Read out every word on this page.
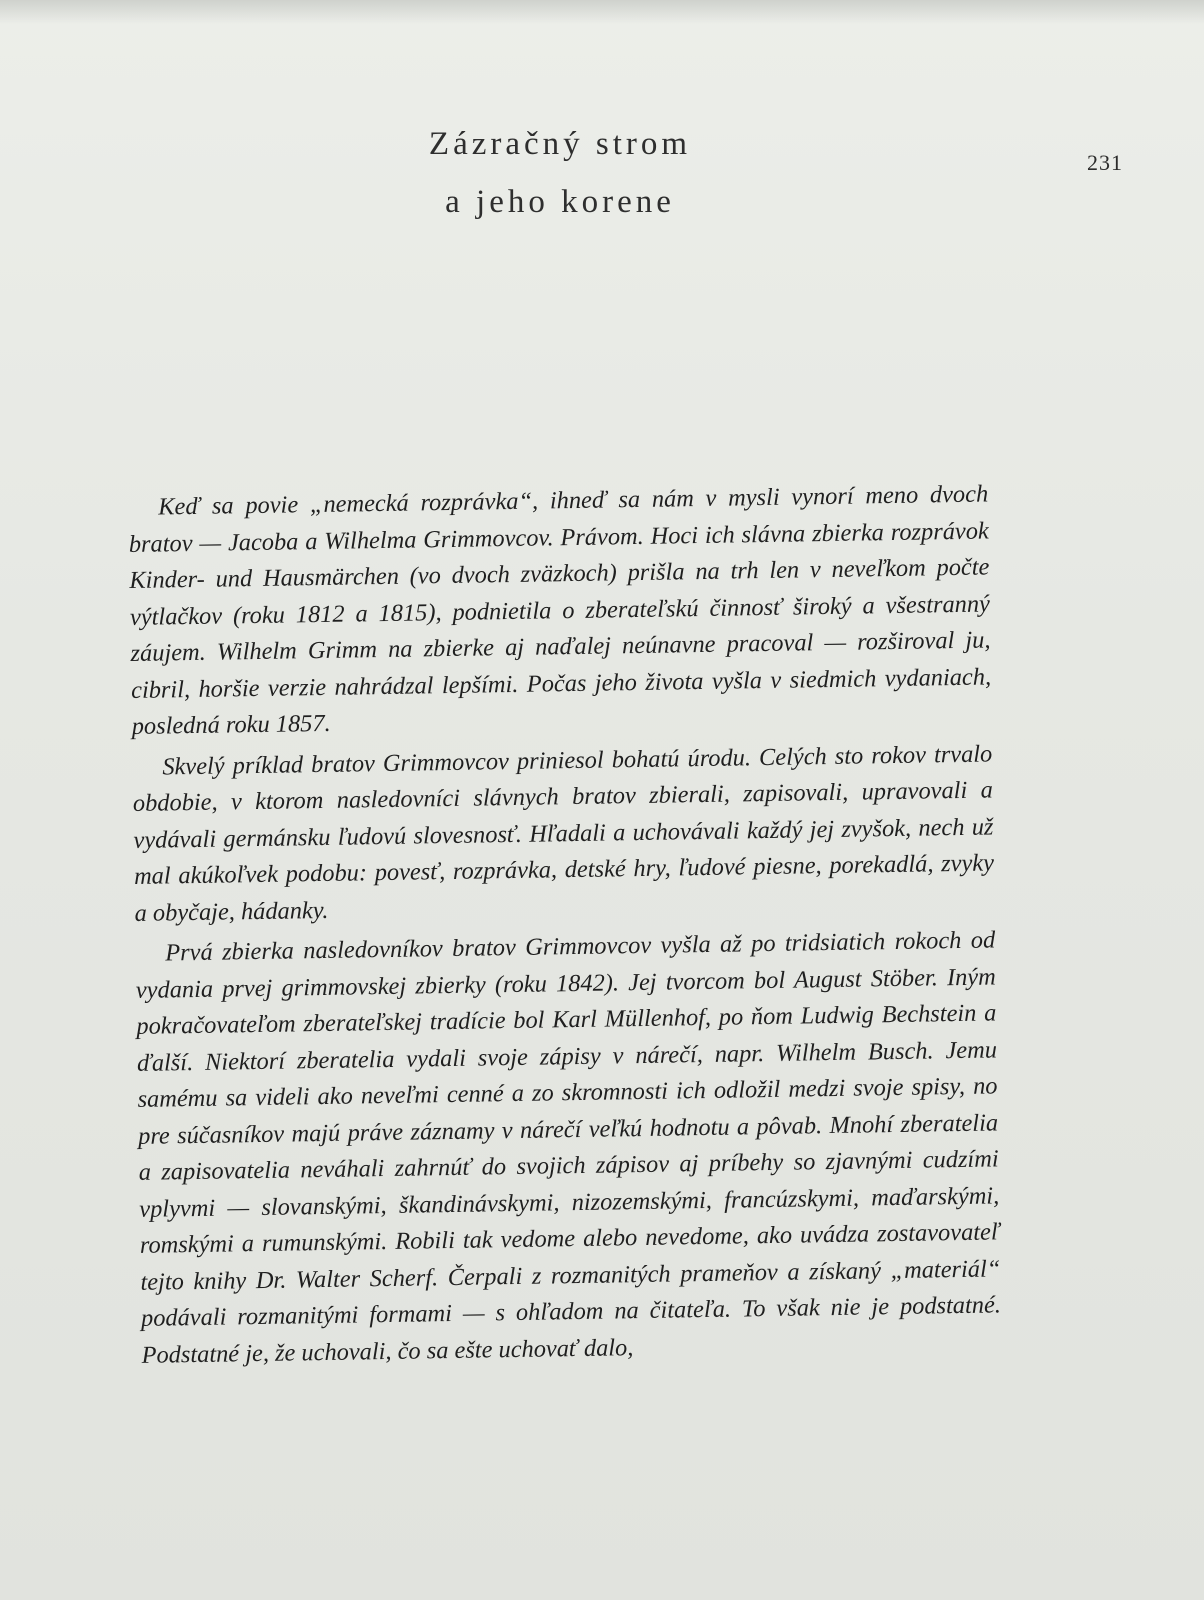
231
Zázračný strom
a jeho korene

Keď sa povie „nemecká rozprávka“, ihneď sa nám v mysli vynorí meno dvoch bratov — Jacoba a Wilhelma Grimmovcov. Právom. Hoci ich slávna zbierka rozprávok Kinder- und Hausmärchen (vo dvoch zväzkoch) prišla na trh len v neveľkom počte výtlačkov (roku 1812 a 1815), podnietila o zberateľskú činnosť široký a všestranný záujem. Wilhelm Grimm na zbierke aj naďalej neúnavne pracoval — rozširoval ju, cibril, horšie verzie nahrádzal lepšími. Počas jeho života vyšla v siedmich vydaniach, posledná roku 1857.

Skvelý príklad bratov Grimmovcov priniesol bohatú úrodu. Celých sto rokov trvalo obdobie, v ktorom nasledovníci slávnych bratov zbierali, zapisovali, upravovali a vydávali germánsku ľudovú slovesnosť. Hľadali a uchovávali každý jej zvyšok, nech už mal akúkoľvek podobu: povesť, rozprávka, detské hry, ľudové piesne, porekadlá, zvyky a obyčaje, hádanky.

Prvá zbierka nasledovníkov bratov Grimmovcov vyšla až po tridsiatich rokoch od vydania prvej grimmovskej zbierky (roku 1842). Jej tvorcom bol August Stöber. Iným pokračovateľom zberateľskej tradície bol Karl Müllenhof, po ňom Ludwig Bechstein a ďalší. Niektorí zberatelia vydali svoje zápisy v nárečí, napr. Wilhelm Busch. Jemu samému sa videli ako neveľmi cenné a zo skromnosti ich odložil medzi svoje spisy, no pre súčasníkov majú práve záznamy v nárečí veľkú hodnotu a pôvab. Mnohí zberatelia a zapisovatelia neváhali zahrnúť do svojich zápisov aj príbehy so zjavnými cudzími vplyvmi — slovanskými, škandinávskymi, nizozemskými, francúzskymi, maďarskými, romskými a rumunskými. Robili tak vedome alebo nevedome, ako uvádza zostavovateľ tejto knihy Dr. Walter Scherf. Čerpali z rozmanitých prameňov a získaný „materiál“ podávali rozmanitými formami — s ohľadom na čitateľa. To však nie je podstatné. Podstatné je, že uchovali, čo sa ešte uchovať dalo,
